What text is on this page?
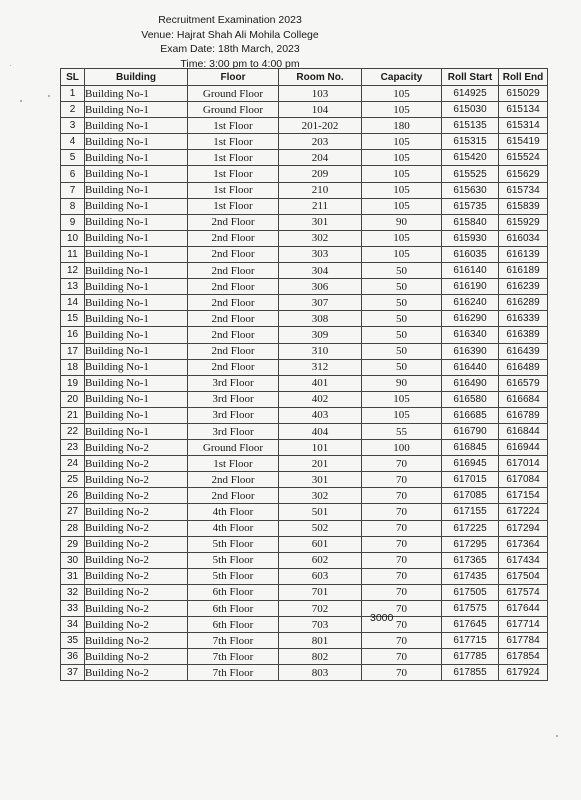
Recruitment Examination 2023
Venue: Hajrat Shah Ali Mohila College
Exam Date: 18th March, 2023
Time: 3:00 pm to 4:00 pm
SL	Building	Floor	Room No.	Capacity	Roll Start	Roll End
1	Building No-1	Ground Floor	103	105	614925	615029
2	Building No-1	Ground Floor	104	105	615030	615134
3	Building No-1	1st Floor	201-202	180	615135	615314
4	Building No-1	1st Floor	203	105	615315	615419
5	Building No-1	1st Floor	204	105	615420	615524
6	Building No-1	1st Floor	209	105	615525	615629
7	Building No-1	1st Floor	210	105	615630	615734
8	Building No-1	1st Floor	211	105	615735	615839
9	Building No-1	2nd Floor	301	90	615840	615929
10	Building No-1	2nd Floor	302	105	615930	616034
11	Building No-1	2nd Floor	303	105	616035	616139
12	Building No-1	2nd Floor	304	50	616140	616189
13	Building No-1	2nd Floor	306	50	616190	616239
14	Building No-1	2nd Floor	307	50	616240	616289
15	Building No-1	2nd Floor	308	50	616290	616339
16	Building No-1	2nd Floor	309	50	616340	616389
17	Building No-1	2nd Floor	310	50	616390	616439
18	Building No-1	2nd Floor	312	50	616440	616489
19	Building No-1	3rd Floor	401	90	616490	616579
20	Building No-1	3rd Floor	402	105	616580	616684
21	Building No-1	3rd Floor	403	105	616685	616789
22	Building No-1	3rd Floor	404	55	616790	616844
23	Building No-2	Ground Floor	101	100	616845	616944
24	Building No-2	1st Floor	201	70	616945	617014
25	Building No-2	2nd Floor	301	70	617015	617084
26	Building No-2	2nd Floor	302	70	617085	617154
27	Building No-2	4th Floor	501	70	617155	617224
28	Building No-2	4th Floor	502	70	617225	617294
29	Building No-2	5th Floor	601	70	617295	617364
30	Building No-2	5th Floor	602	70	617365	617434
31	Building No-2	5th Floor	603	70	617435	617504
32	Building No-2	6th Floor	701	70	617505	617574
33	Building No-2	6th Floor	702	70	617575	617644
34	Building No-2	6th Floor	703	70	617645	617714
35	Building No-2	7th Floor	801	70	617715	617784
36	Building No-2	7th Floor	802	70	617785	617854
37	Building No-2	7th Floor	803	70	617855	617924
3000
